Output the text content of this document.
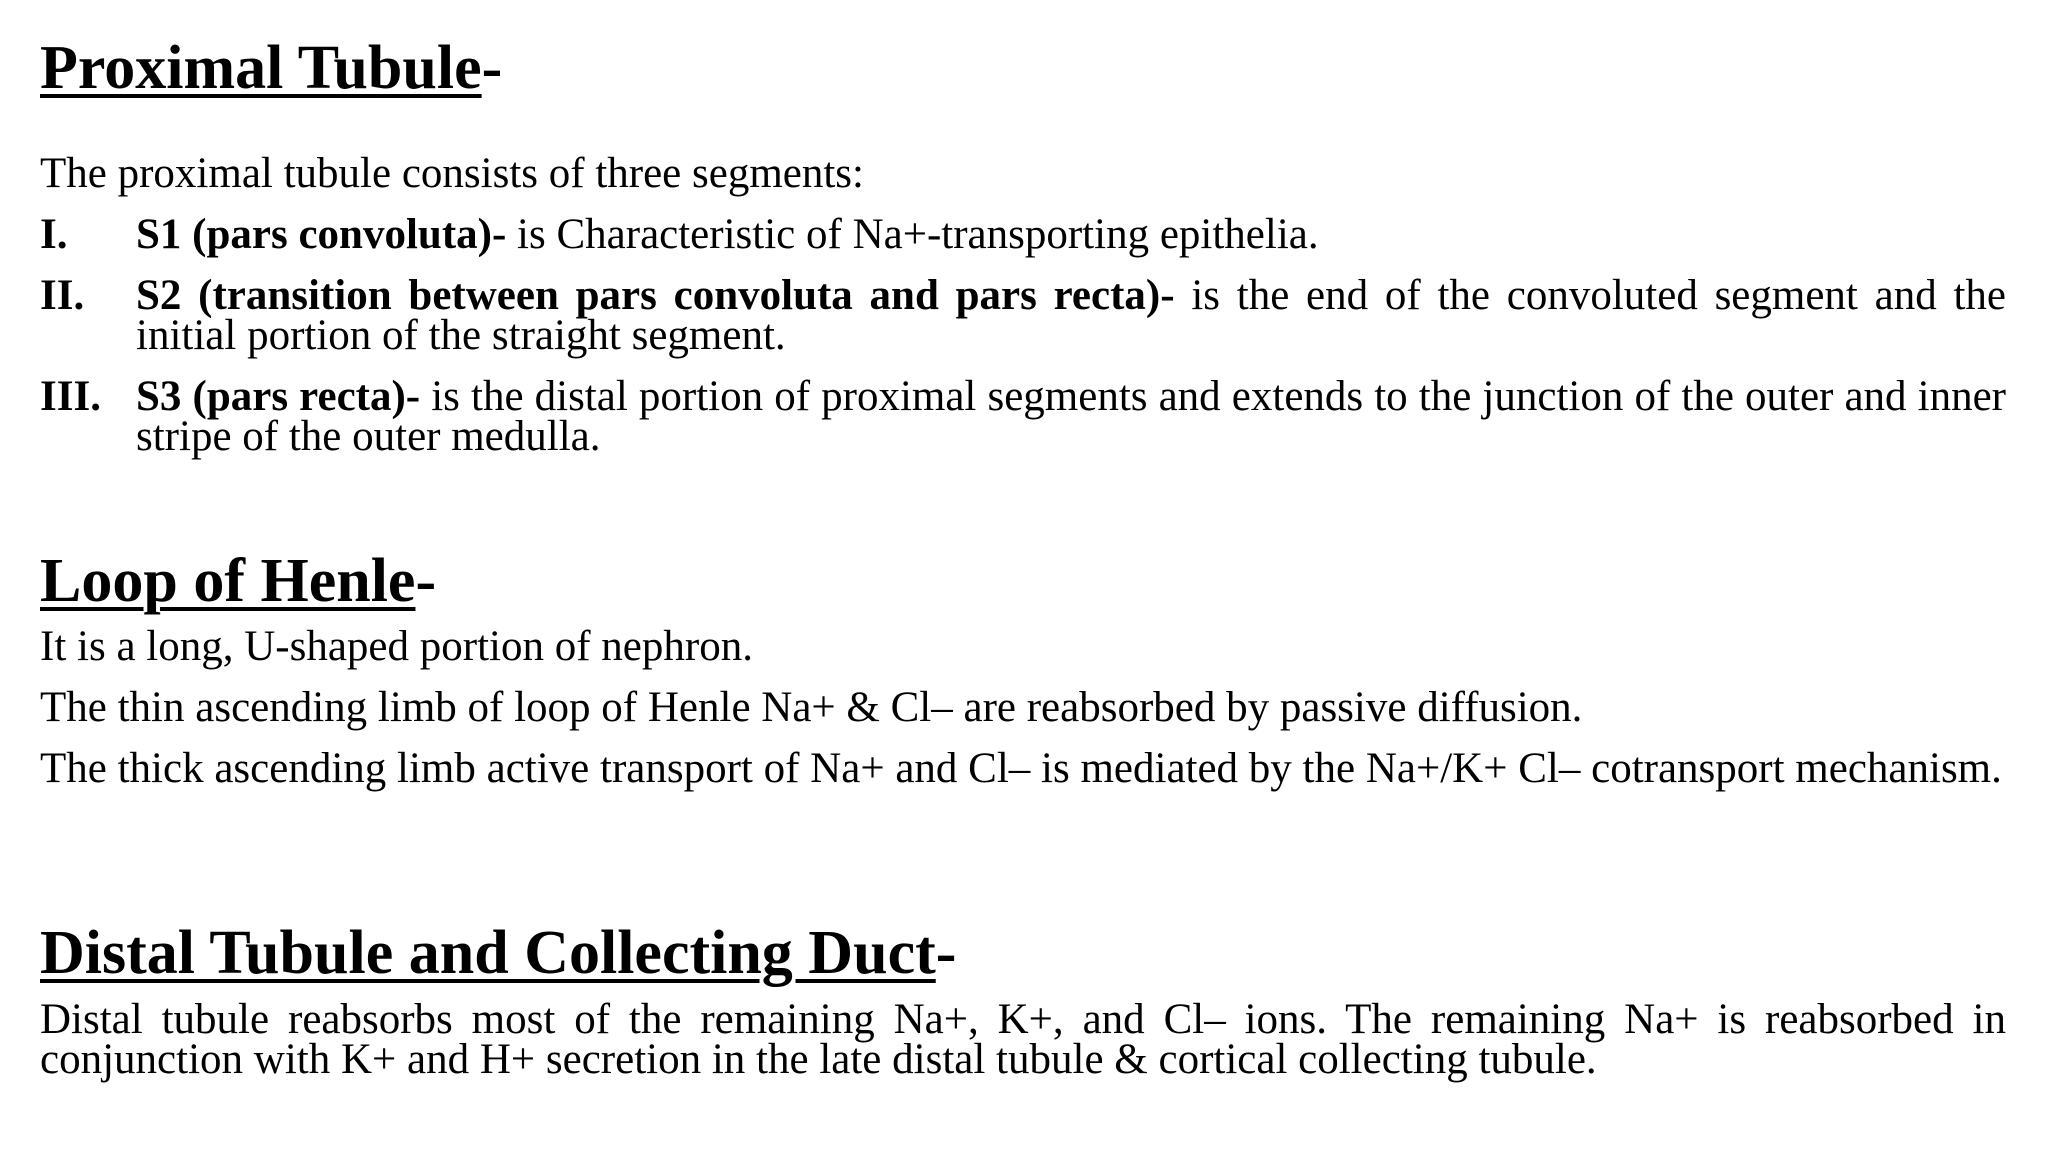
Proximal Tubule-

The proximal tubule consists of three segments:

I. S1 (pars convoluta)- is Characteristic of Na+-transporting epithelia.
II. S2 (transition between pars convoluta and pars recta)- is the end of the convoluted segment and the initial portion of the straight segment.
III. S3 (pars recta)- is the distal portion of proximal segments and extends to the junction of the outer and inner stripe of the outer medulla.
Loop of Henle-

It is a long, U-shaped portion of nephron.

The thin ascending limb of loop of Henle Na+ & Cl– are reabsorbed by passive diffusion.

The thick ascending limb active transport of Na+ and Cl– is mediated by the Na+/K+ Cl– cotransport mechanism.

Distal Tubule and Collecting Duct-

Distal tubule reabsorbs most of the remaining Na+, K+, and Cl– ions. The remaining Na+ is reabsorbed in conjunction with K+ and H+ secretion in the late distal tubule & cortical collecting tubule.
